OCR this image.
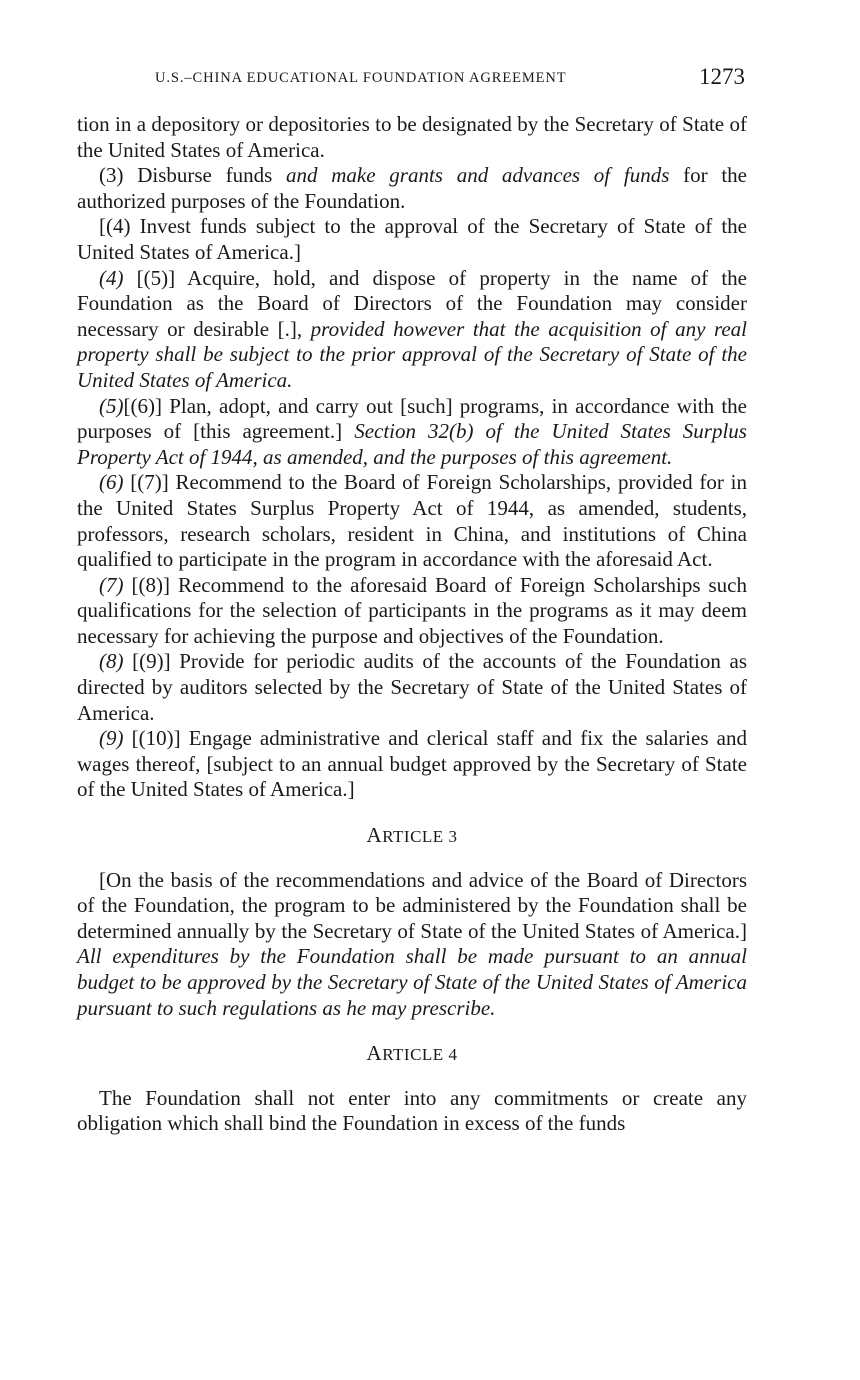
U.S.–CHINA EDUCATIONAL FOUNDATION AGREEMENT	1273

tion in a depository or depositories to be designated by the Secretary of State of the United States of America.

(3) Disburse funds and make grants and advances of funds for the authorized purposes of the Foundation.

[(4) Invest funds subject to the approval of the Secretary of State of the United States of America.]

(4) [(5)] Acquire, hold, and dispose of property in the name of the Foundation as the Board of Directors of the Foundation may consider necessary or desirable [.], provided however that the acquisition of any real property shall be subject to the prior approval of the Secretary of State of the United States of America.

(5)[(6)] Plan, adopt, and carry out [such] programs, in accordance with the purposes of [this agreement.] Section 32(b) of the United States Surplus Property Act of 1944, as amended, and the purposes of this agreement.

(6) [(7)] Recommend to the Board of Foreign Scholarships, provided for in the United States Surplus Property Act of 1944, as amended, students, professors, research scholars, resident in China, and institutions of China qualified to participate in the program in accordance with the aforesaid Act.

(7) [(8)] Recommend to the aforesaid Board of Foreign Scholarships such qualifications for the selection of participants in the programs as it may deem necessary for achieving the purpose and objectives of the Foundation.

(8) [(9)] Provide for periodic audits of the accounts of the Foundation as directed by auditors selected by the Secretary of State of the United States of America.

(9) [(10)] Engage administrative and clerical staff and fix the salaries and wages thereof, [subject to an annual budget approved by the Secretary of State of the United States of America.]

ARTICLE 3

[On the basis of the recommendations and advice of the Board of Directors of the Foundation, the program to be administered by the Foundation shall be determined annually by the Secretary of State of the United States of America.] All expenditures by the Foundation shall be made pursuant to an annual budget to be approved by the Secretary of State of the United States of America pursuant to such regulations as he may prescribe.

ARTICLE 4

The Foundation shall not enter into any commitments or create any obligation which shall bind the Foundation in excess of the funds
